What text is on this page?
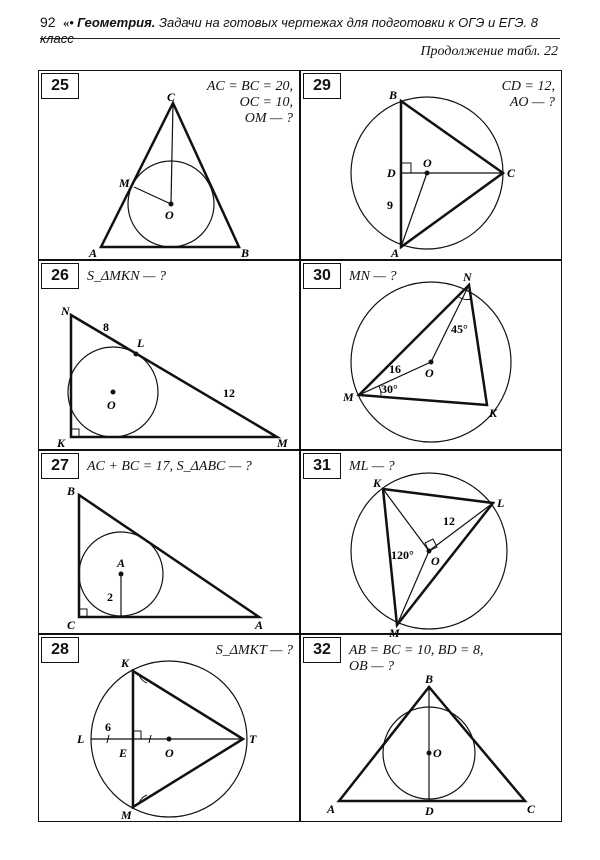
92 «• Геометрия. Задачи на готовых чертежах для подготовки к ОГЭ и ЕГЭ. 8 класс
Продолжение табл. 22
25	AC = BC = 20,
OC = 10,
OM — ?
C
M
O
A	B
29	CD = 12,
AO — ?
B
D
O
C
A
9
26	S_ΔMKN — ?
N
L
O
K	M
8
12
30	MN — ?	N
O
M
K
16
30°
45°
27	AC + BC = 17, S_ΔABC — ?
B
A
C	A
2
31	ML — ?
K
L
O
M
12
120°
28	S_ΔMKT — ?
K
L
E	O
T
M
6
32	AB = BC = 10, BD = 8,
OB — ?
B
O
A	D	C
